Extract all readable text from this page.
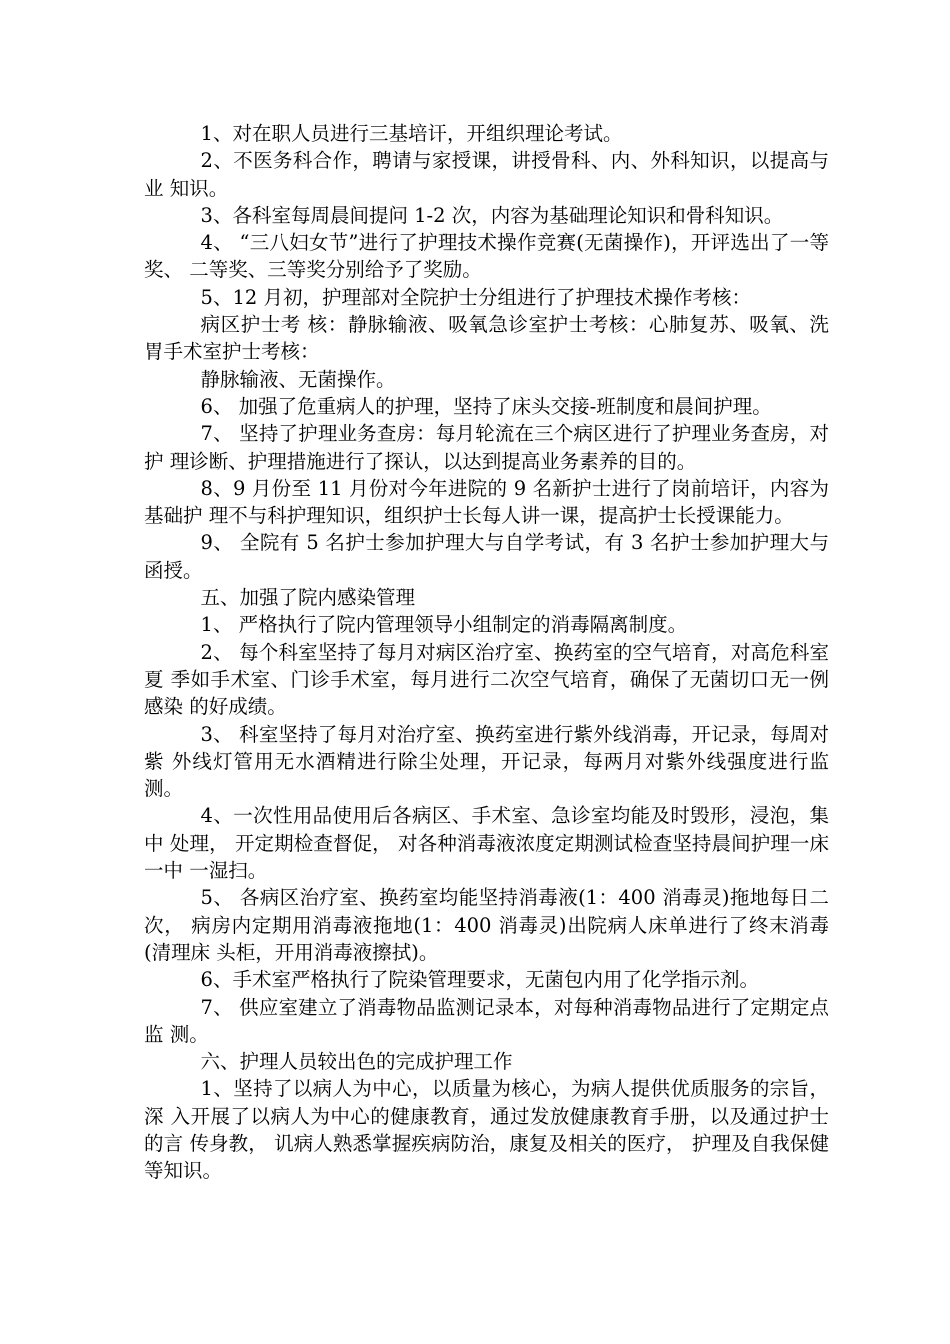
1、对在职人员进行三基培讦，开组织理论考试。

2、不医务科合作，聘请与家授课，讲授骨科、内、外科知识，以提高与业 知识。

3、各科室每周晨间提问 1-2 次，内容为基础理论知识和骨科知识。

4、 “三八妇女节”进行了护理技术操作竞赛(无菌操作)，开评选出了一等奖、 二等奖、三等奖分别给予了奖励。

5、12 月初，护理部对全院护士分组进行了护理技术操作考核：

病区护士考 核：静脉输液、吸氧急诊室护士考核：心肺复苏、吸氧、洗胃手术室护士考核：

静脉输液、无菌操作。

6、 加强了危重病人的护理，坚持了床头交接-班制度和晨间护理。

7、 坚持了护理业务查房：每月轮流在三个病区进行了护理业务查房，对护 理诊断、护理措施进行了探认，以达到提高业务素养的目的。

8、9 月份至 11 月份对今年进院的 9 名新护士进行了岗前培讦，内容为基础护 理不与科护理知识，组织护士长每人讲一课，提高护士长授课能力。

9、 全院有 5 名护士参加护理大与自学考试，有 3 名护士参加护理大与函授。

五、加强了院内感染管理

1、 严格执行了院内管理领导小组制定的消毒隔离制度。

2、 每个科室坚持了每月对病区治疗室、换药室的空气培育，对高危科室夏 季如手术室、门诊手术室，每月进行二次空气培育，确保了无菌切口无一例感染 的好成绩。

3、 科室坚持了每月对治疗室、换药室进行紫外线消毒，开记录，每周对紫 外线灯管用无水酒精进行除尘处理，开记录，每两月对紫外线强度进行监测。

4、一次性用品使用后各病区、手术室、急诊室均能及时毁形，浸泡，集中 处理， 开定期检查督促， 对各种消毒液浓度定期测试检查坚持晨间护理一床一中 一湿扫。

5、 各病区治疗室、换药室均能坚持消毒液(1：400 消毒灵)拖地每日二次， 病房内定期用消毒液拖地(1：400 消毒灵)出院病人床单进行了终末消毒(清理床 头柜，开用消毒液擦拭)。

6、手术室严格执行了院染管理要求，无菌包内用了化学指示剂。

7、 供应室建立了消毒物品监测记录本，对每种消毒物品进行了定期定点监 测。

六、护理人员较出色的完成护理工作

1、坚持了以病人为中心，以质量为核心，为病人提供优质服务的宗旨，深 入开展了以病人为中心的健康教育，通过发放健康教育手册，以及通过护士的言 传身教， 讥病人熟悉掌握疾病防治，康复及相关的医疗， 护理及自我保健等知识。
